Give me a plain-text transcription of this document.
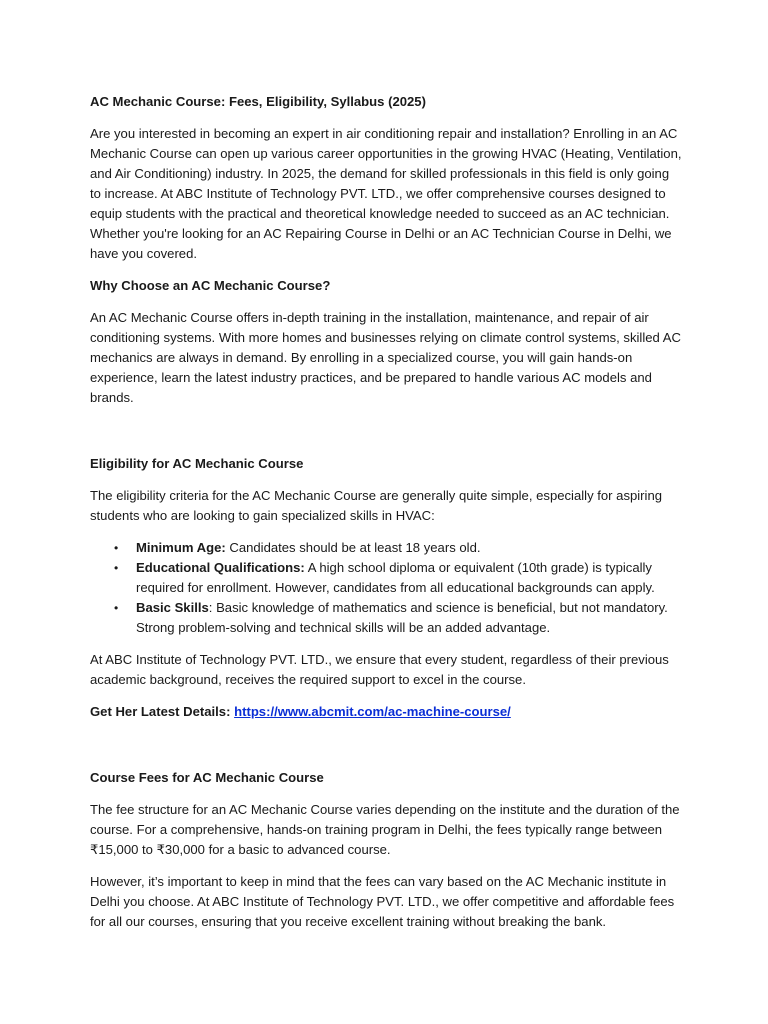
AC Mechanic Course: Fees, Eligibility, Syllabus (2025)

Are you interested in becoming an expert in air conditioning repair and installation? Enrolling in an AC Mechanic Course can open up various career opportunities in the growing HVAC (Heating, Ventilation, and Air Conditioning) industry. In 2025, the demand for skilled professionals in this field is only going to increase. At ABC Institute of Technology PVT. LTD., we offer comprehensive courses designed to equip students with the practical and theoretical knowledge needed to succeed as an AC technician. Whether you're looking for an AC Repairing Course in Delhi or an AC Technician Course in Delhi, we have you covered.

Why Choose an AC Mechanic Course?

An AC Mechanic Course offers in-depth training in the installation, maintenance, and repair of air conditioning systems. With more homes and businesses relying on climate control systems, skilled AC mechanics are always in demand. By enrolling in a specialized course, you will gain hands-on experience, learn the latest industry practices, and be prepared to handle various AC models and brands.

Eligibility for AC Mechanic Course

The eligibility criteria for the AC Mechanic Course are generally quite simple, especially for aspiring students who are looking to gain specialized skills in HVAC:

• Minimum Age: Candidates should be at least 18 years old.
• Educational Qualifications: A high school diploma or equivalent (10th grade) is typically required for enrollment. However, candidates from all educational backgrounds can apply.
• Basic Skills: Basic knowledge of mathematics and science is beneficial, but not mandatory. Strong problem-solving and technical skills will be an added advantage.

At ABC Institute of Technology PVT. LTD., we ensure that every student, regardless of their previous academic background, receives the required support to excel in the course.

Get Her Latest Details: https://www.abcmit.com/ac-machine-course/

Course Fees for AC Mechanic Course

The fee structure for an AC Mechanic Course varies depending on the institute and the duration of the course. For a comprehensive, hands-on training program in Delhi, the fees typically range between ₹15,000 to ₹30,000 for a basic to advanced course.

However, it’s important to keep in mind that the fees can vary based on the AC Mechanic institute in Delhi you choose. At ABC Institute of Technology PVT. LTD., we offer competitive and affordable fees for all our courses, ensuring that you receive excellent training without breaking the bank.
